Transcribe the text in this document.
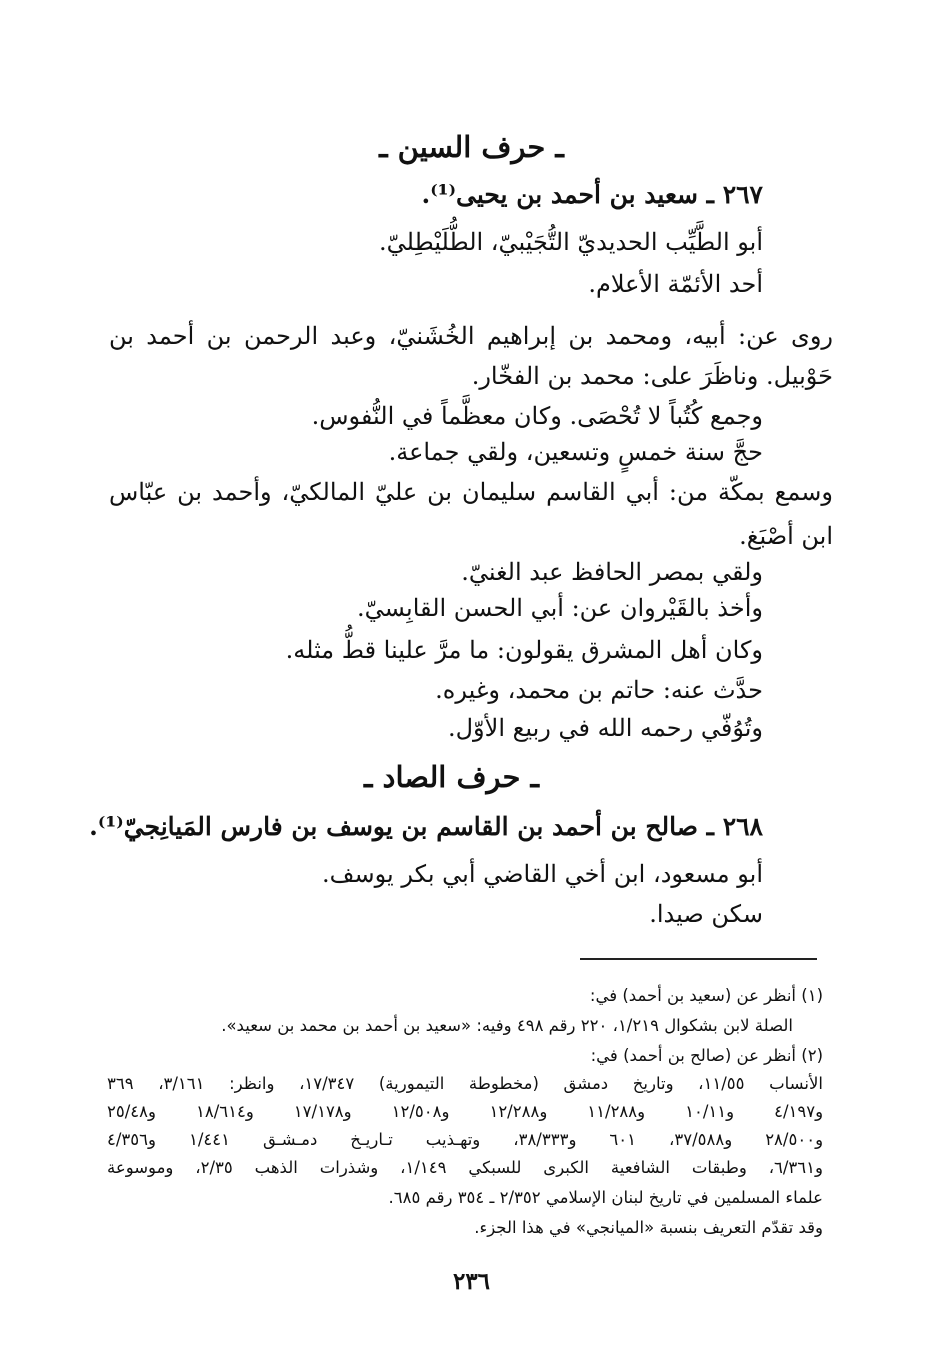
ـ حرف السين ـ
٢٦٧ ـ سعيد بن أحمد بن يحيى⁽¹⁾.
أبو الطَّيِّب الحديديّ التُّجَيْبيّ، الطُّلَيْطِليّ.
أحد الأئمّة الأعلام.
روى عن: أبيه، ومحمد بن إبراهيم الخُشَنيّ، وعبد الرحمن بن أحمد بن
حَوْبيل. وناظَرَ على: محمد بن الفخّار.
وجمع كُتُباً لا تُحْصَى. وكان معظَّماً في النُّفوس.
حجَّ سنة خمسٍ وتسعين، ولقي جماعة.
وسمع بمكّة من: أبي القاسم سليمان بن عليّ المالكيّ، وأحمد بن عبّاس
ابن أصْبَغ.
ولقي بمصر الحافظ عبد الغنيّ.
وأخذ بالقَيْروان عن: أبي الحسن القابِسيّ.
وكان أهل المشرق يقولون: ما مرَّ علينا قطُّ مثله.
حدَّث عنه: حاتم بن محمد، وغيره.
وتُوُفّي رحمه الله في ربيع الأوّل.
ـ حرف الصاد ـ
٢٦٨ ـ صالح بن أحمد بن القاسم بن يوسف بن فارس المَيانِجيّ⁽¹⁾.
أبو مسعود، ابن أخي القاضي أبي بكر يوسف.
سكن صيدا.
(١) أنظر عن (سعيد بن أحمد) في:
الصلة لابن بشكوال ١/٢١٩، ٢٢٠ رقم ٤٩٨ وفيه: «سعيد بن أحمد بن محمد بن سعيد».
(٢) أنظر عن (صالح بن أحمد) في:
الأنساب ١١/٥٥، وتاريخ دمشق (مخطوطة التيمورية) ١٧/٣٤٧، وانظر: ٣/١٦١، ٣٦٩
و٤/١٩٧ و١٠/١١ و١١/٢٨٨ و١٢/٢٨٨ و١٢/٥٠٨ و١٧/١٧٨ و١٨/٦١٤ و٢٥/٤٨
و٢٨/٥٠٠ و٣٧/٥٨٨، ٦٠١ و٣٨/٣٣٣، وتهـذيب تـاريـخ دمـشـق ١/٤٤١ و٤/٣٥٦
و٦/٣٦١، وطبقات الشافعية الكبرى للسبكي ١/١٤٩، وشذرات الذهب ٢/٣٥، وموسوعة
علماء المسلمين في تاريخ لبنان الإسلامي ٢/٣٥٢ ـ ٣٥٤ رقم ٦٨٥.
وقد تقدّم التعريف بنسبة «الميانجي» في هذا الجزء.
٢٣٦
